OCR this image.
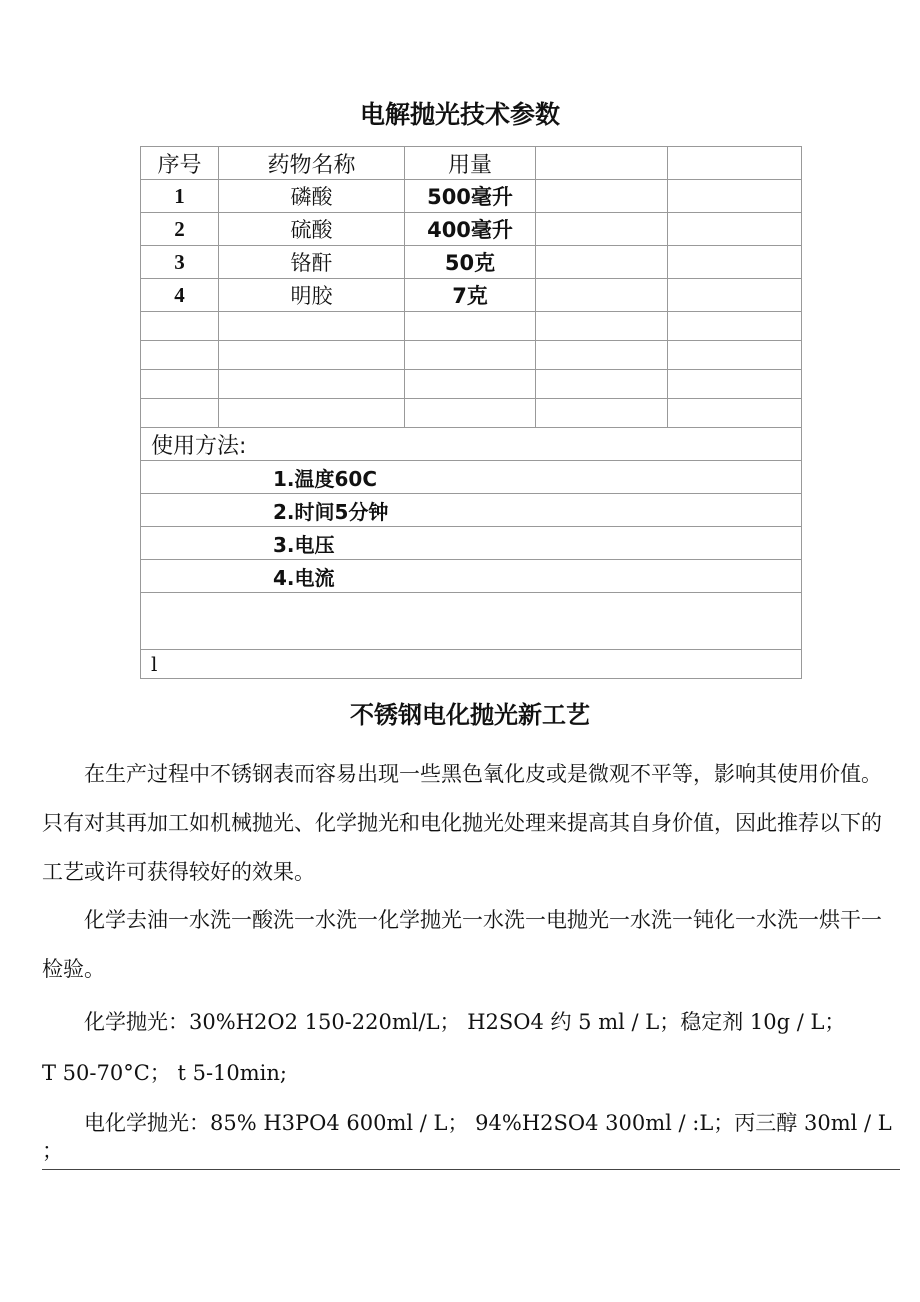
电解抛光技术参数
序号	药物名称	用量		
1	磷酸	500毫升		
2	硫酸	400毫升		
3	铬酐	50克		
4	明胶	7克		

使用方法:				
1.温度60C				
2.时间5分钟				
3.电压				
4.电流				

l				
不锈钢电化抛光新工艺

在生产过程中不锈钢表而容易出现一些黑色氧化皮或是微观不平等，影响其使用价值。只有对其再加工如机械抛光、化学抛光和电化抛光处理来提高其自身价值，因此推荐以下的工艺或许可获得较好的效果。

化学去油一水洗一酸洗一水洗一化学抛光一水洗一电抛光一水洗一钝化一水洗一烘干一检验。

化学抛光：30%H2O2 150-220ml/L； H2SO4 约 5 ml / L；稳定剂 10g / L；

T 50-70°C； t 5-10min;

电化学抛光：85% H3PO4 600ml / L； 94%H2SO4 300ml / :L；丙三醇 30ml / L

；
